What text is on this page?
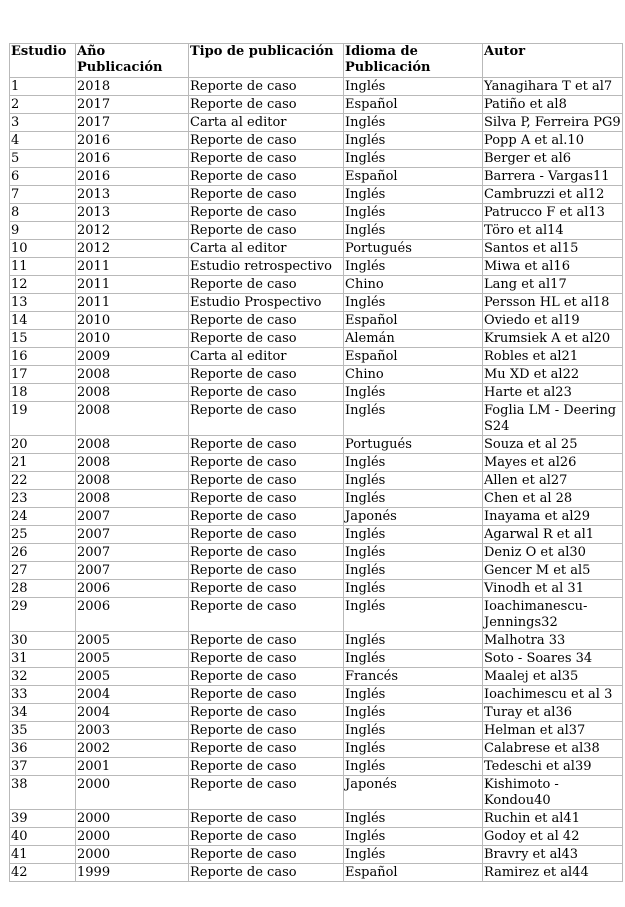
Estudio	Año Publicación	Tipo de publicación	Idioma de Publicación	Autor
1	2018	Reporte de caso	Inglés	Yanagihara T et al7
2	2017	Reporte de caso	Español	Patiño et al8
3	2017	Carta al editor	Inglés	Silva P, Ferreira PG9
4	2016	Reporte de caso	Inglés	Popp A et al.10
5	2016	Reporte de caso	Inglés	Berger et al6
6	2016	Reporte de caso	Español	Barrera - Vargas11
7	2013	Reporte de caso	Inglés	Cambruzzi et al12
8	2013	Reporte de caso	Inglés	Patrucco F et al13
9	2012	Reporte de caso	Inglés	Töro et al14
10	2012	Carta al editor	Portugués	Santos et al15
11	2011	Estudio retrospectivo	Inglés	Miwa et al16
12	2011	Reporte de caso	Chino	Lang et al17
13	2011	Estudio Prospectivo	Inglés	Persson HL et al18
14	2010	Reporte de caso	Español	Oviedo et al19
15	2010	Reporte de caso	Alemán	Krumsiek A et al20
16	2009	Carta al editor	Español	Robles et al21
17	2008	Reporte de caso	Chino	Mu XD et al22
18	2008	Reporte de caso	Inglés	Harte et al23
19	2008	Reporte de caso	Inglés	Foglia LM - Deering S24
20	2008	Reporte de caso	Portugués	Souza et al 25
21	2008	Reporte de caso	Inglés	Mayes et al26
22	2008	Reporte de caso	Inglés	Allen et al27
23	2008	Reporte de caso	Inglés	Chen et al 28
24	2007	Reporte de caso	Japonés	Inayama et al29
25	2007	Reporte de caso	Inglés	Agarwal R et al1
26	2007	Reporte de caso	Inglés	Deniz O et al30
27	2007	Reporte de caso	Inglés	Gencer M et al5
28	2006	Reporte de caso	Inglés	Vinodh et al 31
29	2006	Reporte de caso	Inglés	Ioachimanescu-Jennings32
30	2005	Reporte de caso	Inglés	Malhotra 33
31	2005	Reporte de caso	Inglés	Soto - Soares 34
32	2005	Reporte de caso	Francés	Maalej et al35
33	2004	Reporte de caso	Inglés	Ioachimescu et al 3
34	2004	Reporte de caso	Inglés	Turay et al36
35	2003	Reporte de caso	Inglés	Helman et al37
36	2002	Reporte de caso	Inglés	Calabrese et al38
37	2001	Reporte de caso	Inglés	Tedeschi et al39
38	2000	Reporte de caso	Japonés	Kishimoto - Kondou40
39	2000	Reporte de caso	Inglés	Ruchin et al41
40	2000	Reporte de caso	Inglés	Godoy et al 42
41	2000	Reporte de caso	Inglés	Bravry et al43
42	1999	Reporte de caso	Español	Ramirez et al44
